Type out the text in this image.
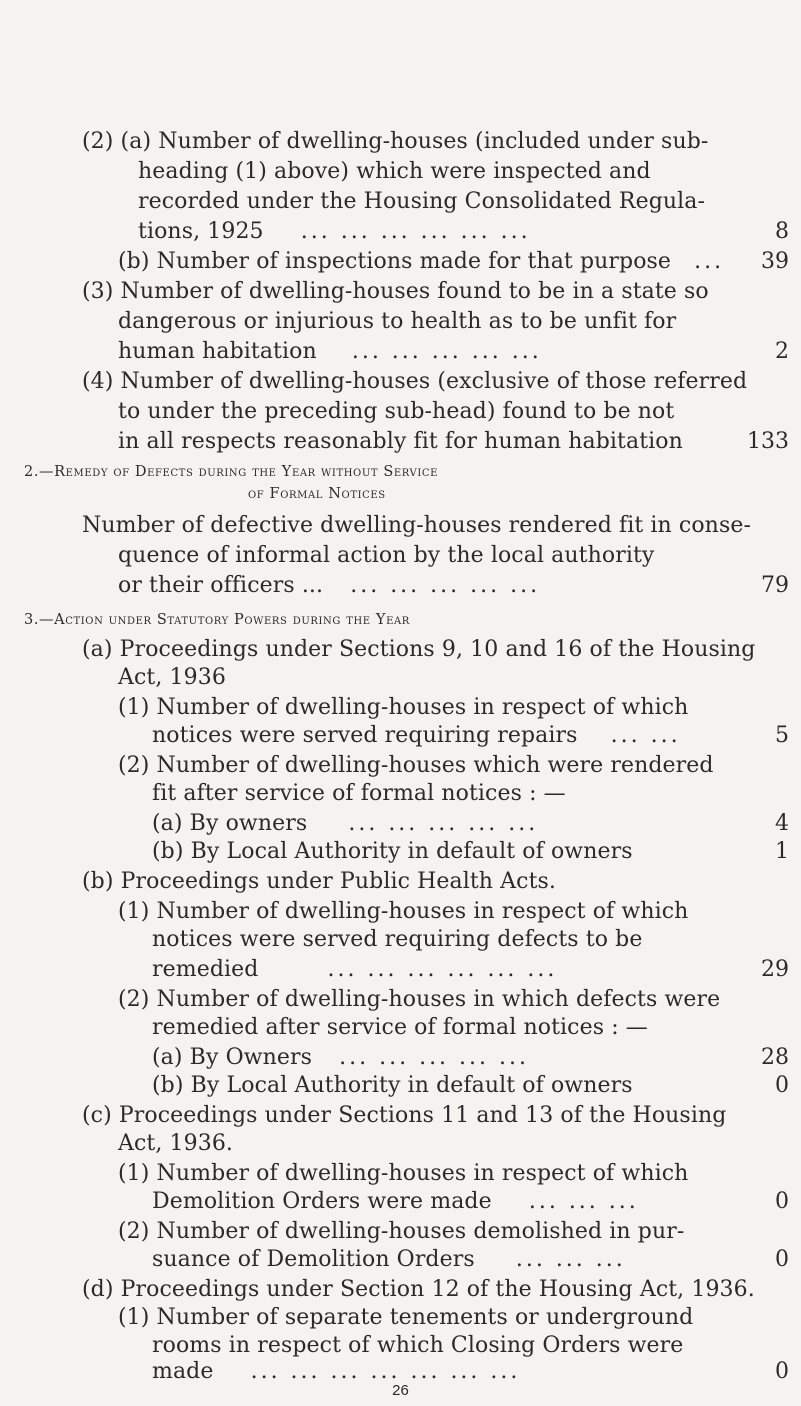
(2) (a) Number of dwelling-houses (included under sub-
heading (1) above) which were inspected and
recorded under the Housing Consolidated Regula-
tions, 1925 ... ... ... ... ... ...	8
(b) Number of inspections made for that purpose ...	39
(3) Number of dwelling-houses found to be in a state so
dangerous or injurious to health as to be unfit for
human habitation ... ... ... ... ...	2
(4) Number of dwelling-houses (exclusive of those referred
to under the preceding sub-head) found to be not
in all respects reasonably fit for human habitation	133
2.—Remedy of Defects during the Year without Service
of Formal Notices
Number of defective dwelling-houses rendered fit in conse-
quence of informal action by the local authority
or their officers ... ... ... ... ... ...	79
3.—Action under Statutory Powers during the Year
(a) Proceedings under Sections 9, 10 and 16 of the Housing
Act, 1936
(1) Number of dwelling-houses in respect of which
notices were served requiring repairs ... ...	5
(2) Number of dwelling-houses which were rendered
fit after service of formal notices : —
(a) By owners ... ... ... ... ...	4
(b) By Local Authority in default of owners	1
(b) Proceedings under Public Health Acts.
(1) Number of dwelling-houses in respect of which
notices were served requiring defects to be
remedied	... ... ... ... ... ...	29
(2) Number of dwelling-houses in which defects were
remedied after service of formal notices : —
(a) By Owners ... ... ... ... ...	28
(b) By Local Authority in default of owners	0
(c) Proceedings under Sections 11 and 13 of the Housing
Act, 1936.
(1) Number of dwelling-houses in respect of which
Demolition Orders were made ... ... ...	0
(2) Number of dwelling-houses demolished in pur-
suance of Demolition Orders ... ... ...	0
(d) Proceedings under Section 12 of the Housing Act, 1936.
(1) Number of separate tenements or underground
rooms in respect of which Closing Orders were
made ... ... ... ... ... ... ...	0
26
